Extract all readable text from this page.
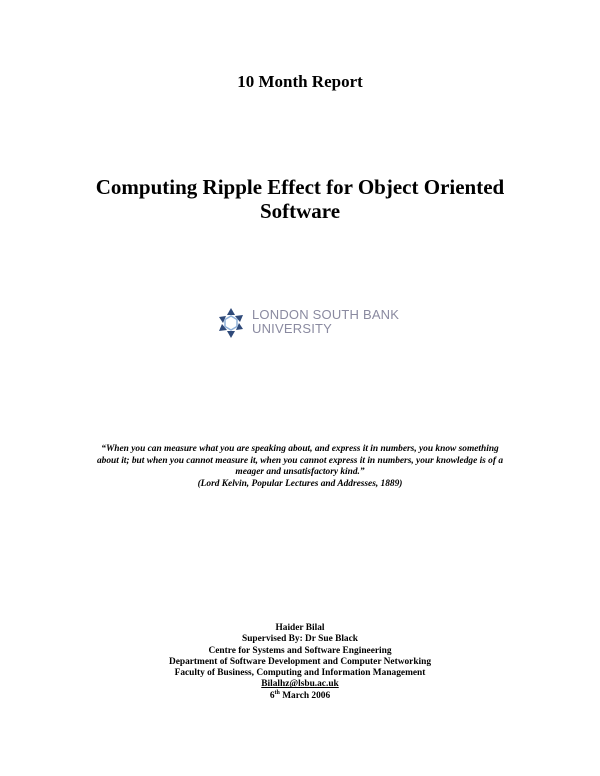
10 Month Report
Computing Ripple Effect for Object Oriented
Software
LONDON SOUTH BANK
UNIVERSITY
“When you can measure what you are speaking about, and express it in numbers, you know something about it; but when you cannot measure it, when you cannot express it in numbers, your knowledge is of a meager and unsatisfactory kind.”
(Lord Kelvin, Popular Lectures and Addresses, 1889)
Haider Bilal
Supervised By: Dr Sue Black
Centre for Systems and Software Engineering
Department of Software Development and Computer Networking
Faculty of Business, Computing and Information Management
Bilalhz@lsbu.ac.uk
6th March 2006
